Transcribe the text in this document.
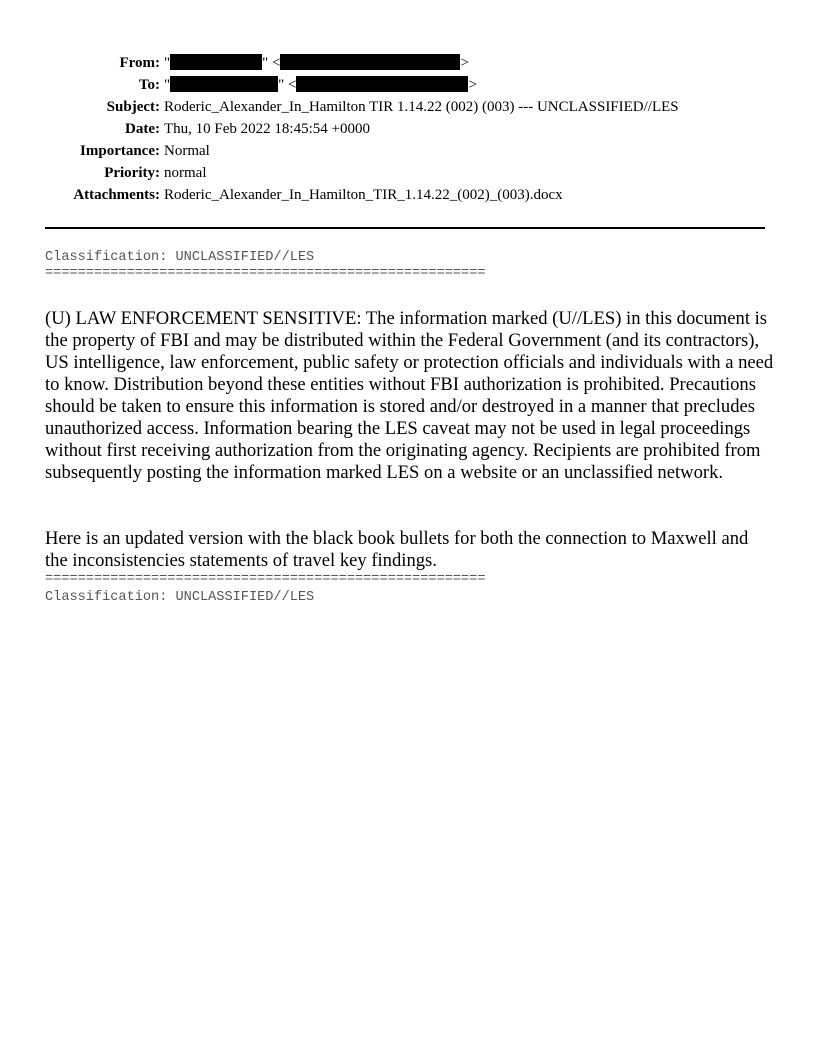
From: "	" <	>
To: "	" <	>
Subject: Roderic_Alexander_In_Hamilton TIR 1.14.22 (002) (003) --- UNCLASSIFIED//LES
Date: Thu, 10 Feb 2022 18:45:54 +0000
Importance: Normal
Priority: normal
Attachments: Roderic_Alexander_In_Hamilton_TIR_1.14.22_(002)_(003).docx
Classification: UNCLASSIFIED//LES
======================================================
(U) LAW ENFORCEMENT SENSITIVE: The information marked (U//LES) in this document is the property of FBI and may be distributed within the Federal Government (and its contractors), US intelligence, law enforcement, public safety or protection officials and individuals with a need to know. Distribution beyond these entities without FBI authorization is prohibited. Precautions should be taken to ensure this information is stored and/or destroyed in a manner that precludes unauthorized access. Information bearing the LES caveat may not be used in legal proceedings without first receiving authorization from the originating agency. Recipients are prohibited from subsequently posting the information marked LES on a website or an unclassified network.
Here is an updated version with the black book bullets for both the connection to Maxwell and the inconsistencies statements of travel key findings.
======================================================
Classification: UNCLASSIFIED//LES
